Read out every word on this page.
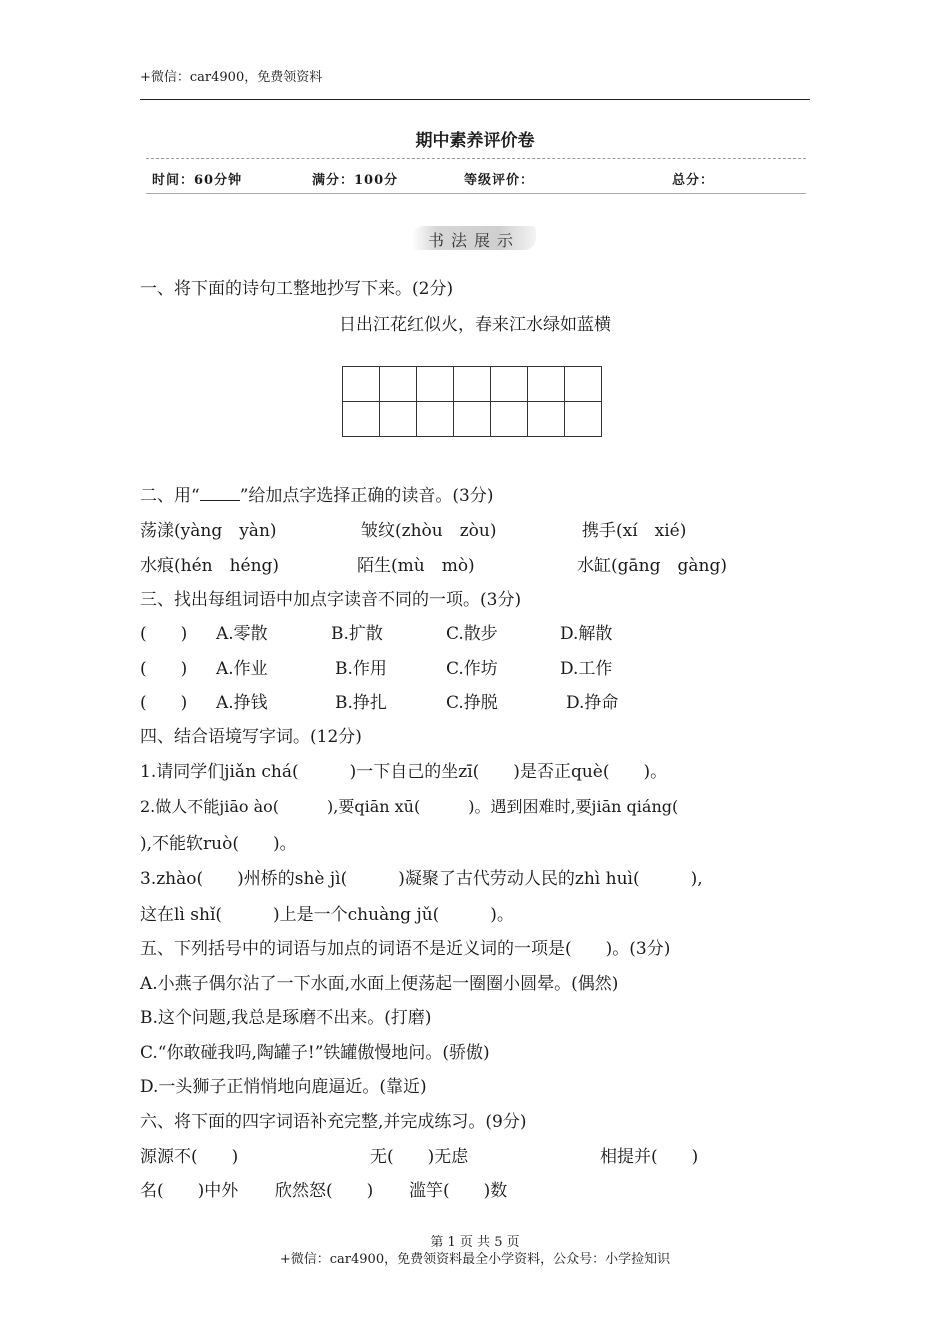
+微信：car4900，免费领资料
期中素养评价卷
时间：60分钟	满分：100分	等级评价：	总分：
书法展示
一、将下面的诗句工整地抄写下来。(2分)
日出江花红似火，春来江水绿如蓝横

二、用“ ”给加点字选择正确的读音。(3分)
荡漾(yàng　yàn)	皱纹(zhòu　zòu)	携手(xí　xié)
水痕(hén　héng)	陌生(mù　mò)	水缸(gāng　gàng)
三、找出每组词语中加点字读音不同的一项。(3分)
(　　) A.零散	B.扩散	C.散步	D.解散
(　　) A.作业	B.作用	C.作坊	D.工作
(　　) A.挣钱	B.挣扎	C.挣脱	D.挣命
四、结合语境写字词。(12分)
1.请同学们jiǎn chá(　　　)一下自己的坐zī(　　)是否正què(　　)。
2.做人不能jiāo ào(　　　),要qiān xū(　　　)。遇到困难时,要jiān qiáng(
),不能软ruò(　　)。
3.zhào(　　)州桥的shè jì(　　　)凝聚了古代劳动人民的zhì huì(　　　),
这在lì shǐ(　　　)上是一个chuàng jǔ(　　　)。
五、下列括号中的词语与加点的词语不是近义词的一项是(　　)。(3分)
A.小燕子偶尔沾了一下水面,水面上便荡起一圈圈小圆晕。(偶然)
B.这个问题,我总是琢磨不出来。(打磨)
C.“你敢碰我吗,陶罐子!”铁罐傲慢地问。(骄傲)
D.一头狮子正悄悄地向鹿逼近。(靠近)
六、将下面的四字词语补充完整,并完成练习。(9分)
源源不(　　)	无(　　)无虑	相提并(　　)
名(　　)中外 欣然怒(　　) 滥竽(　　)数
第 1 页 共 5 页
+微信：car4900，免费领资料最全小学资料，公众号：小学捡知识
